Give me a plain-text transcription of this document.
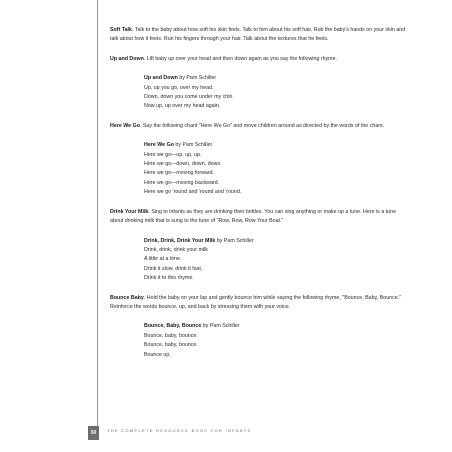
Soft Talk. Talk to the baby about how soft his skin feels. Talk to him about his soft hair. Rub the baby's hands on your skin and talk about how it feels. Run his fingers through your hair. Talk about the textures that he feels.

Up and Down. Lift baby up over your head and then down again as you say the following rhyme.

Up and Down by Pam Schiller
Up, up you go, over my head.
Down, down you come under my chin.
Now up, up over my head again.

Here We Go. Say the following chant "Here We Go" and move children around as directed by the words of the chant.

Here We Go by Pam Schiller
Here we go—up, up, up.
Here we go—down, down, down.
Here we go—moving forward.
Here we go—moving backward.
Here we go 'round and 'round and 'round.

Drink Your Milk. Sing to infants as they are drinking their bottles. You can sing anything or make up a tune. Here is a tune about drinking milk that is sung to the tune of "Row, Row, Row Your Boat."

Drink, Drink, Drink Your Milk by Pam Schiller
Drink, drink, drink your milk
A little at a time.
Drink it slow, drink it fast,
Drink it to this rhyme.

Bounce Baby. Hold the baby on your lap and gently bounce him while saying the following rhyme, "Bounce, Baby, Bounce." Reinforce the words bounce, up, and back by stressing them with your voice.

Bounce, Baby, Bounce by Pam Schiller
Bounce, baby, bounce.
Bounce, baby, bounce.
Bounce up.
50	THE COMPLETE RESOURCE BOOK FOR INFANTS
